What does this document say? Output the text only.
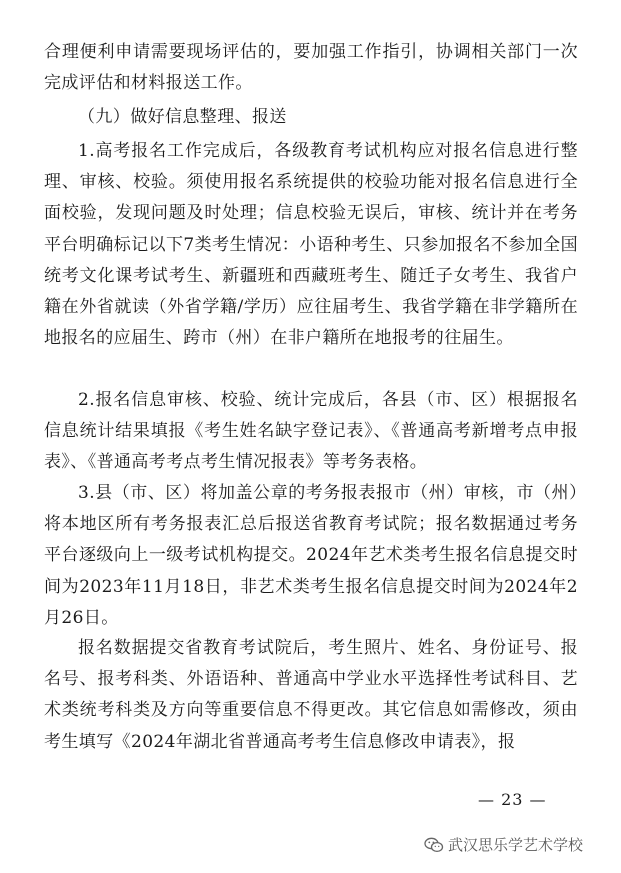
合理便利申请需要现场评估的，要加强工作指引，协调相关部门一次完成评估和材料报送工作。

（九）做好信息整理、报送

1.高考报名工作完成后，各级教育考试机构应对报名信息进行整理、审核、校验。须使用报名系统提供的校验功能对报名信息进行全面校验，发现问题及时处理；信息校验无误后，审核、统计并在考务平台明确标记以下7类考生情况：小语种考生、只参加报名不参加全国统考文化课考试考生、新疆班和西藏班考生、随迁子女考生、我省户籍在外省就读（外省学籍/学历）应往届考生、我省学籍在非学籍所在地报名的应届生、跨市（州）在非户籍所在地报考的往届生。

2.报名信息审核、校验、统计完成后，各县（市、区）根据报名信息统计结果填报《考生姓名缺字登记表》、《普通高考新增考点申报表》、《普通高考考点考生情况报表》等考务表格。

3.县（市、区）将加盖公章的考务报表报市（州）审核，市（州）将本地区所有考务报表汇总后报送省教育考试院；报名数据通过考务平台逐级向上一级考试机构提交。2024年艺术类考生报名信息提交时间为2023年11月18日，非艺术类考生报名信息提交时间为2024年2月26日。

报名数据提交省教育考试院后，考生照片、姓名、身份证号、报名号、报考科类、外语语种、普通高中学业水平选择性考试科目、艺术类统考科类及方向等重要信息不得更改。其它信息如需修改，须由考生填写《2024年湖北省普通高考考生信息修改申请表》，报

— 23 —
武汉思乐学艺术学校
